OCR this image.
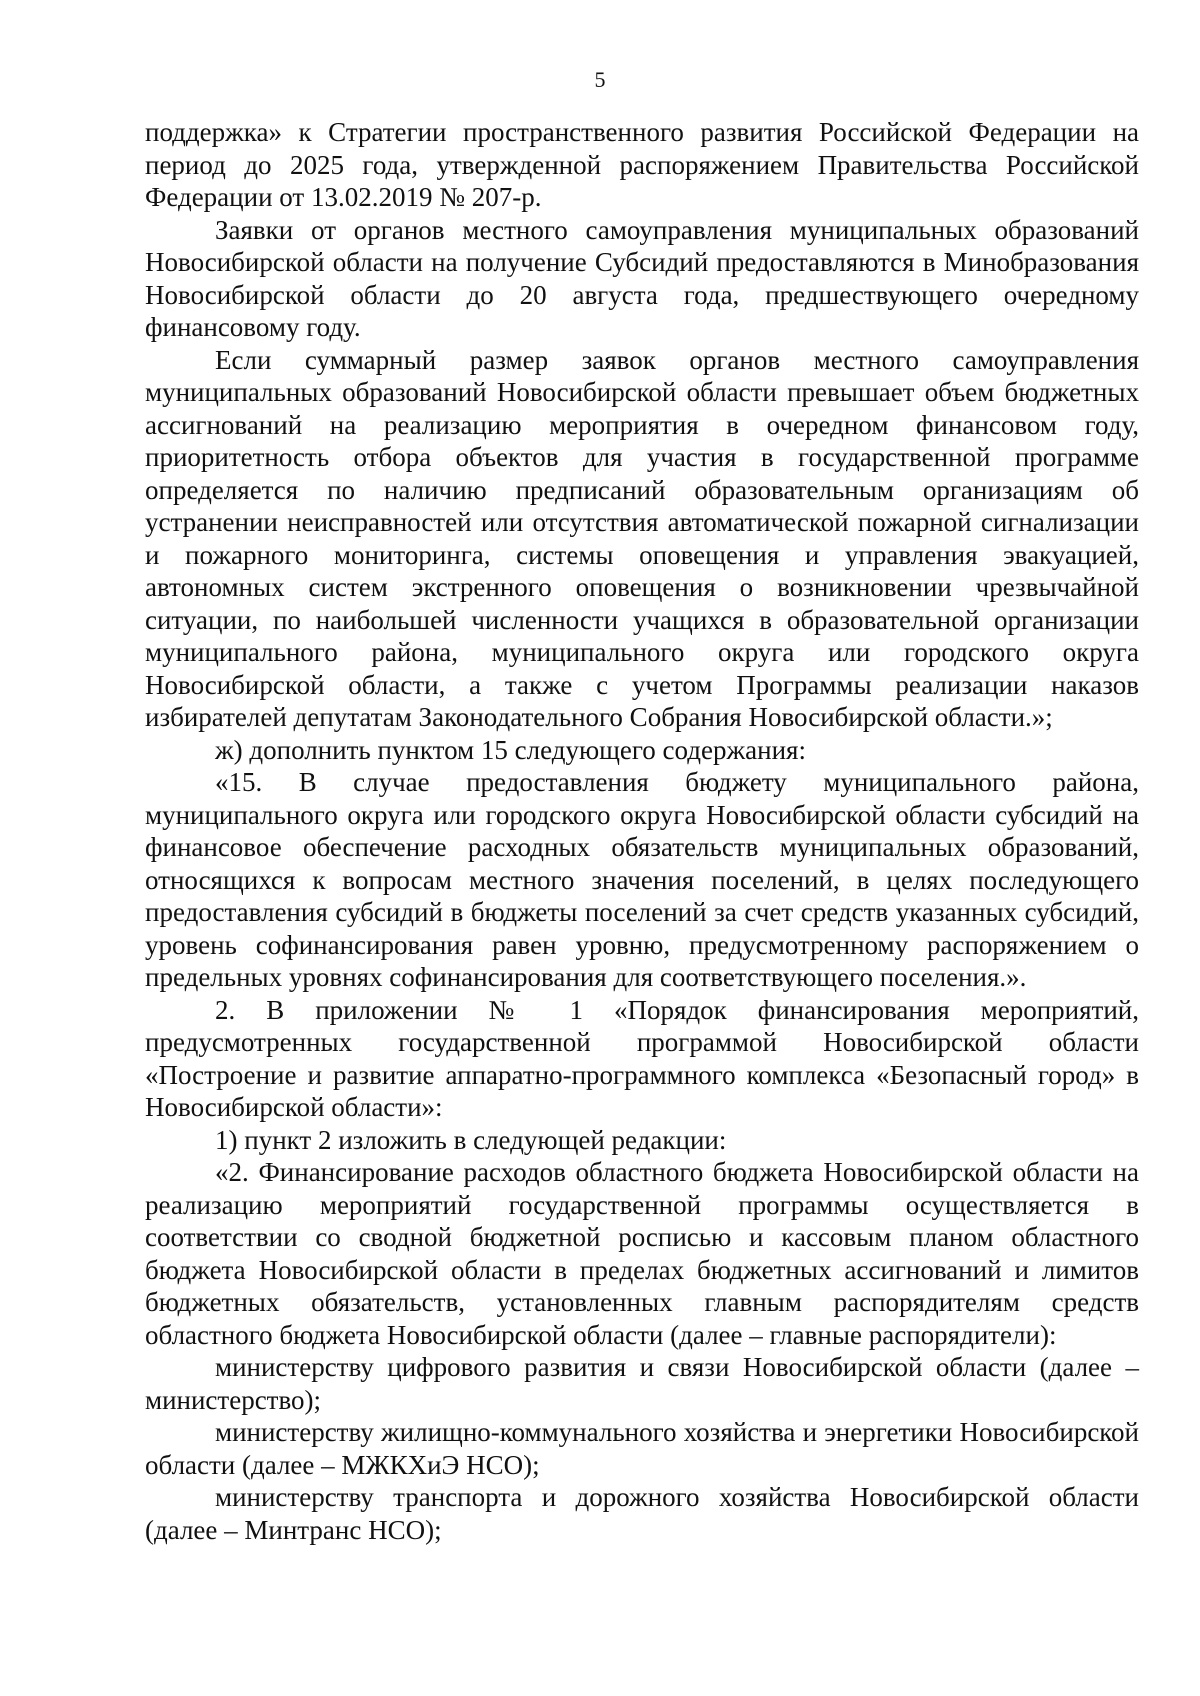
5

поддержка» к Стратегии пространственного развития Российской Федерации на период до 2025 года, утвержденной распоряжением Правительства Российской Федерации от 13.02.2019 № 207-р.

Заявки от органов местного самоуправления муниципальных образований Новосибирской области на получение Субсидий предоставляются в Минобразования Новосибирской области до 20 августа года, предшествующего очередному финансовому году.

Если суммарный размер заявок органов местного самоуправления муниципальных образований Новосибирской области превышает объем бюджетных ассигнований на реализацию мероприятия в очередном финансовом году, приоритетность отбора объектов для участия в государственной программе определяется по наличию предписаний образовательным организациям об устранении неисправностей или отсутствия автоматической пожарной сигнализации и пожарного мониторинга, системы оповещения и управления эвакуацией, автономных систем экстренного оповещения о возникновении чрезвычайной ситуации, по наибольшей численности учащихся в образовательной организации муниципального района, муниципального округа или городского округа Новосибирской области, а также с учетом Программы реализации наказов избирателей депутатам Законодательного Собрания Новосибирской области.»;

ж) дополнить пунктом 15 следующего содержания:

«15. В случае предоставления бюджету муниципального района, муниципального округа или городского округа Новосибирской области субсидий на финансовое обеспечение расходных обязательств муниципальных образований, относящихся к вопросам местного значения поселений, в целях последующего предоставления субсидий в бюджеты поселений за счет средств указанных субсидий, уровень софинансирования равен уровню, предусмотренному распоряжением о предельных уровнях софинансирования для соответствующего поселения.».

2. В приложении № 1 «Порядок финансирования мероприятий, предусмотренных государственной программой Новосибирской области «Построение и развитие аппаратно-программного комплекса «Безопасный город» в Новосибирской области»:

1) пункт 2 изложить в следующей редакции:

«2. Финансирование расходов областного бюджета Новосибирской области на реализацию мероприятий государственной программы осуществляется в соответствии со сводной бюджетной росписью и кассовым планом областного бюджета Новосибирской области в пределах бюджетных ассигнований и лимитов бюджетных обязательств, установленных главным распорядителям средств областного бюджета Новосибирской области (далее – главные распорядители):

министерству цифрового развития и связи Новосибирской области (далее – министерство);

министерству жилищно-коммунального хозяйства и энергетики Новосибирской области (далее – МЖКХиЭ НСО);

министерству транспорта и дорожного хозяйства Новосибирской области (далее – Минтранс НСО);
